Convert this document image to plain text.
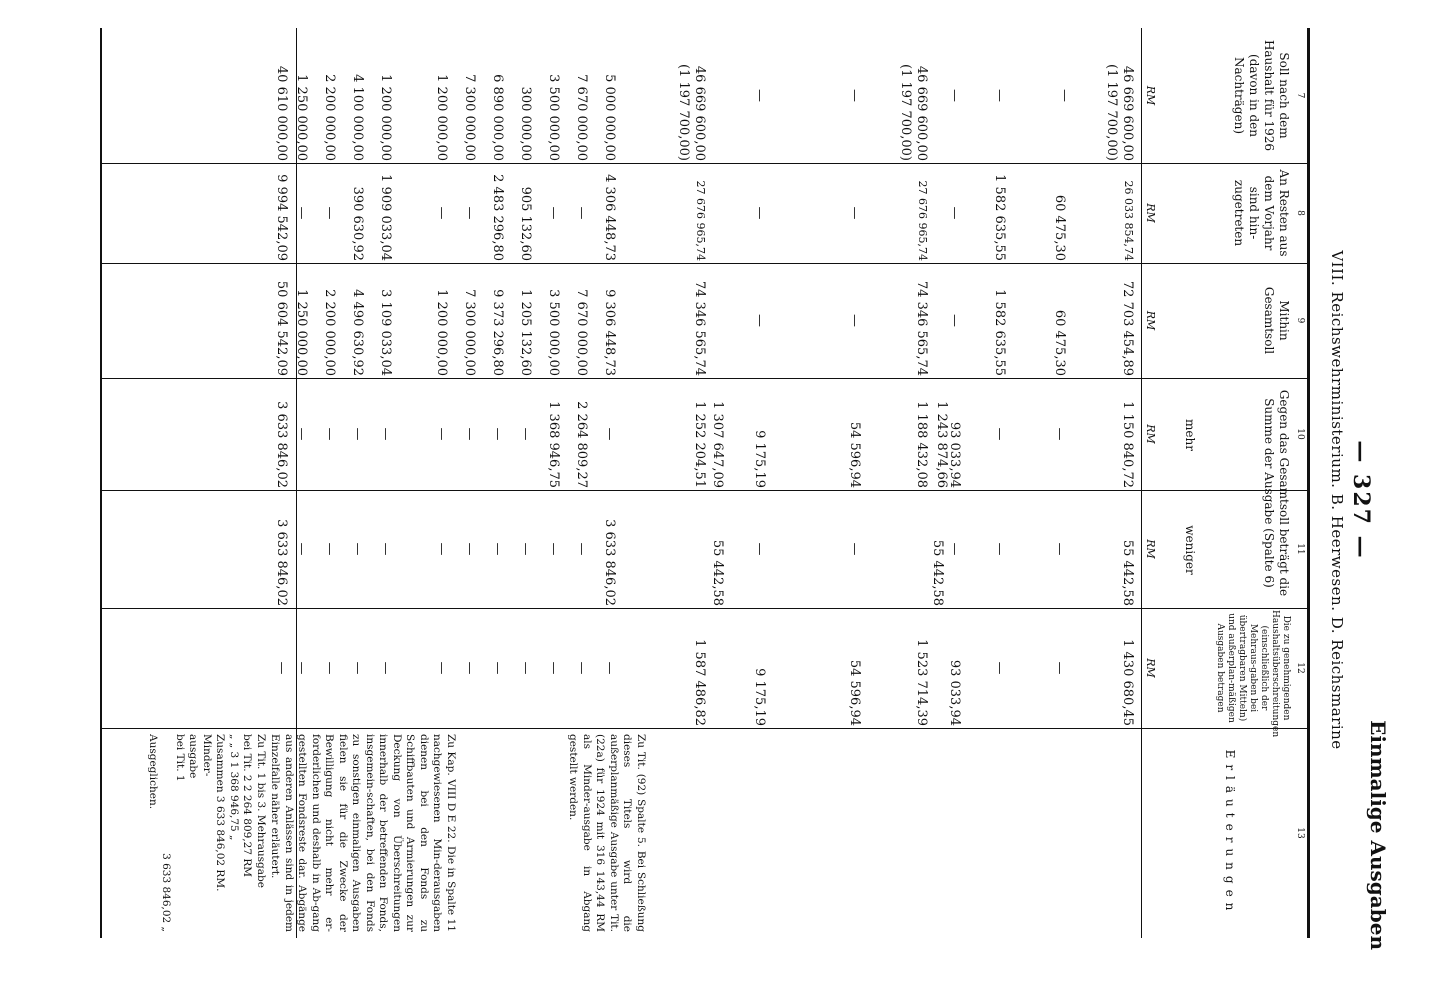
— 327 —
VIII. Reichswehrministerium. B. Heerwesen. D. Reichsmarine
Einmalige Ausgaben
7
8
9
10
11
12
13
Soll nach dem Haushalt für 1926 (davon in den Nachträgen)
An Resten aus dem Vorjahr sind hin-zugetreten
Mithin Gesamtsoll
Gegen das Gesamtsoll beträgt die Summe der Ausgabe (Spalte 6)
mehr
weniger
Die zu genehmigenden Haushaltsüberschreitungen (einschließlich der Mehraus-gaben bei übertragbaren Mitteln) und außerplan-mäßigen Ausgaben betragen
Erläuterungen
RM
RM
RM
RM
RM
RM
46 669 600,00
(1 197 700,00)
26 033 854,74
72 703 454,89
1 150 840,72
55 442,58
1 430 680,45
—
60 475,30
60 475,30
—
—
—
—
1 582 635,55
1 582 635,55
—
—
—
—
—
—
93 033,94
—
93 033,94
46 669 600,00
(1 197 700,00)
27 676 965,74
74 346 565,74
1 243 874,66
1 188 432,08
55 442,58
1 523 714,39
—
—
—
54 596,94
—
54 596,94
—
—
—
9 175,19
—
9 175,19
46 669 600,00
(1 197 700,00)
27 676 965,74
74 346 565,74
1 307 647,09
1 252 204,51
55 442,58
1 587 486,82
5 000 000,00
4 306 448,73
9 306 448,73
—
3 633 846,02
—
7 670 000,00
—
7 670 000,00
2 264 809,27
—
—
3 500 000,00
—
3 500 000,00
1 368 946,75
—
—
300 000,00
905 132,60
1 205 132,60
—
—
—
6 890 000,00
2 483 296,80
9 373 296,80
—
—
—
7 300 000,00
—
7 300 000,00
—
—
—
1 200 000,00
—
1 200 000,00
—
—
—
1 200 000,00
1 909 033,04
3 109 033,04
—
—
—
4 100 000,00
390 630,92
4 490 630,92
—
—
—
2 200 000,00
—
2 200 000,00
—
—
—
1 250 000,00
—
1 250 000,00
—
—
—
40 610 000,00
9 994 542,09
50 604 542,09
3 633 846,02
3 633 846,02
—
Zu Tit. (92) Spalte 5. Bei Schließung dieses Titels wird die außerplanmäßige Ausgabe unter Tit. (22a) für 1924 mit 316 143,44 RM als Minder-ausgabe in Abgang gestellt werden.
Zu Kap. VIII D E 22. Die in Spalte 11 nachgewiesenen Min-derausgaben dienen bei den Fonds zu Schiffbauten und Armierungen zur Deckung von Überschreitungen innerhalb der betreffenden Fonds, insgemein-schaften, bei den Fonds zu sonstigen einmaligen Ausgaben fielen sie für die Zwecke der Bewilligung nicht mehr er-forderlichen und deshalb in Ab-gang gestellten Fondsreste dar. Abgänge aus anderen Anlässen sind in jedem Einzelfalle näher erläutert.
Zu Tit. 1 bis 3. Mehrausgabe
bei Tit. 2 2 264 809,27 RM
„ „ 3 1 368 946,75 „
Zusammen 3 633 846,02 RM.
Minder-
ausgabe
bei Tit. 1
3 633 846,02 „
Ausgeglichen.
